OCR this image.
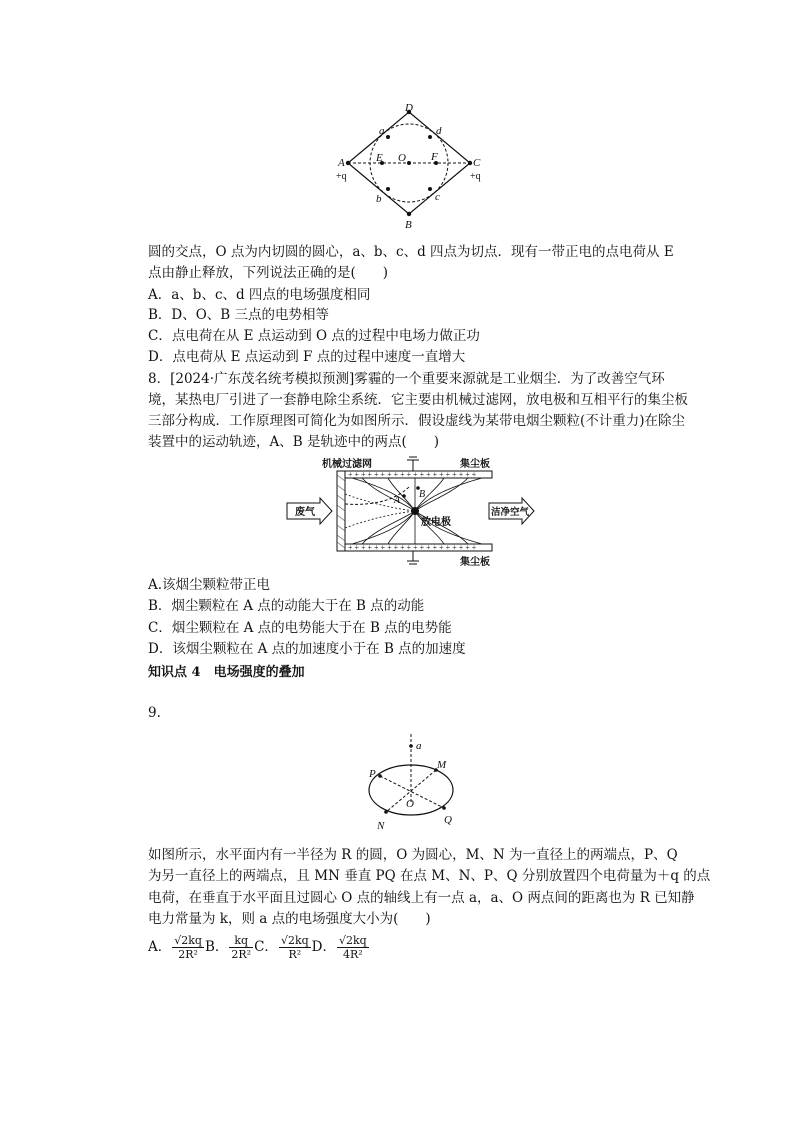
D
B
A
+q
C
+q
O
E	F
a	d
b	c
圆的交点，O 点为内切圆的圆心，a、b、c、d 四点为切点．现有一带正电的点电荷从 E
点由静止释放，下列说法正确的是(　　)
A．a、b、c、d 四点的电场强度相同
B．D、O、B 三点的电势相等
C．点电荷在从 E 点运动到 O 点的过程中电场力做正功
D．点电荷从 E 点运动到 F 点的过程中速度一直增大
8．[2024·广东茂名统考模拟预测]雾霾的一个重要来源就是工业烟尘．为了改善空气环
境，某热电厂引进了一套静电除尘系统．它主要由机械过滤网，放电极和互相平行的集尘板
三部分构成．工作原理图可简化为如图所示．假设虚线为某带电烟尘颗粒(不计重力)在除尘
装置中的运动轨迹，A、B 是轨迹中的两点(　　)
机械过滤网	集尘板
+ + + + + + + + + + + + + + + + + + + +
+ + + + + + + + + + + + + + + + + + + +
集尘板
放电极
A
B
废气	洁净空气
A.该烟尘颗粒带正电
B．烟尘颗粒在 A 点的动能大于在 B 点的动能
C．烟尘颗粒在 A 点的电势能大于在 B 点的电势能
D．该烟尘颗粒在 A 点的加速度小于在 B 点的加速度
知识点 4　电场强度的叠加
9.
a
M
P
O
N	Q
如图所示，水平面内有一半径为 R 的圆，O 为圆心，M、N 为一直径上的两端点，P、Q
为另一直径上的两端点，且 MN 垂直 PQ 在点 M、N、P、Q 分别放置四个电荷量为＋q 的点
电荷，在垂直于水平面且过圆心 O 点的轴线上有一点 a，a、O 两点间的距离也为 R 已知静
电力常量为 k，则 a 点的电场强度大小为(　　)
A． $\frac{√2kq}{\text{2R²}}$ B． $\frac{kq}{\text{2R²}}$ C． $\frac{√2kq}{\text{R²}}$ D． $\frac{√2kq}{\text{4R²}}$
